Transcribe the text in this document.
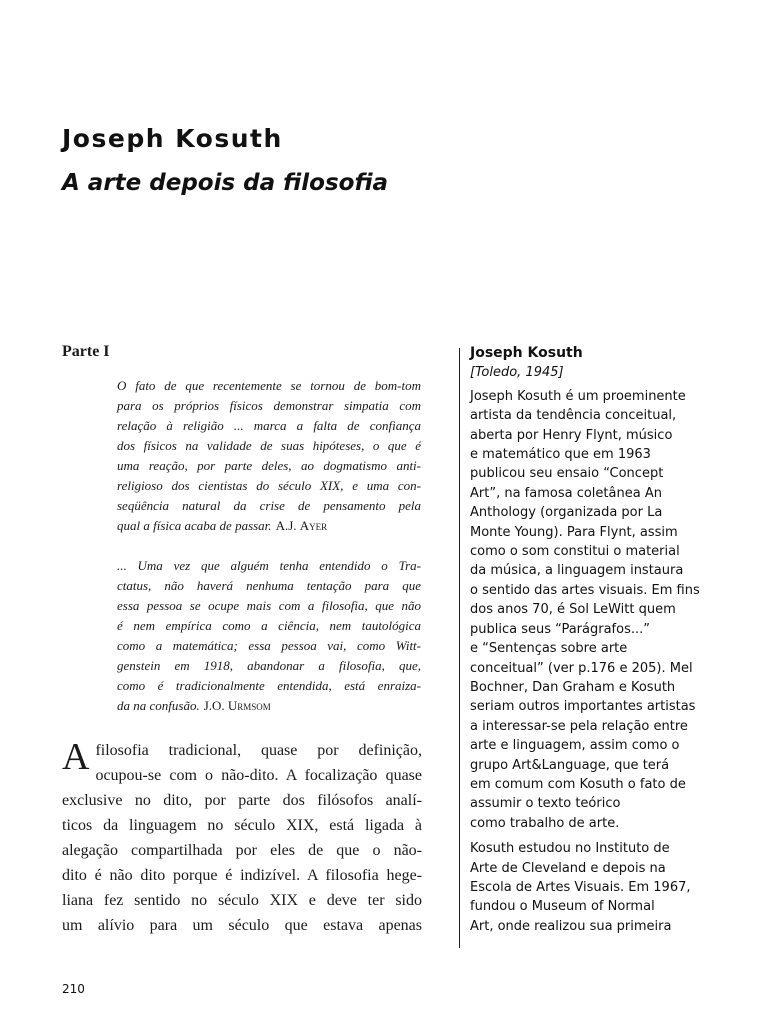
Joseph Kosuth
A arte depois da filosofia
Parte I
O fato de que recentemente se tornou de bom-tom
para os próprios físicos demonstrar simpatia com
relação à religião ... marca a falta de confiança
dos físicos na validade de suas hipóteses, o que é
uma reação, por parte deles, ao dogmatismo anti-
religioso dos cientistas do século XIX, e uma con-
seqüência natural da crise de pensamento pela
qual a física acaba de passar. A.J. Ayer
... Uma vez que alguém tenha entendido o Tra-
ctatus, não haverá nenhuma tentação para que
essa pessoa se ocupe mais com a filosofia, que não
é nem empírica como a ciência, nem tautológica
como a matemática; essa pessoa vai, como Witt-
genstein em 1918, abandonar a filosofia, que,
como é tradicionalmente entendida, está enraiza-
da na confusão. J.O. Urmsom
A filosofia tradicional, quase por definição,
ocupou-se com o não-dito. A focalização quase
exclusive no dito, por parte dos filósofos analí-
ticos da linguagem no século XIX, está ligada à
alegação compartilhada por eles de que o não-
dito é não dito porque é indizível. A filosofia hege-
liana fez sentido no século XIX e deve ter sido
um alívio para um século que estava apenas
Joseph Kosuth
[Toledo, 1945]
Joseph Kosuth é um proeminente
artista da tendência conceitual,
aberta por Henry Flynt, músico
e matemático que em 1963
publicou seu ensaio “Concept
Art”, na famosa coletânea An
Anthology (organizada por La
Monte Young). Para Flynt, assim
como o som constitui o material
da música, a linguagem instaura
o sentido das artes visuais. Em fins
dos anos 70, é Sol LeWitt quem
publica seus “Parágrafos...”
e “Sentenças sobre arte
conceitual” (ver p.176 e 205). Mel
Bochner, Dan Graham e Kosuth
seriam outros importantes artistas
a interessar-se pela relação entre
arte e linguagem, assim como o
grupo Art&Language, que terá
em comum com Kosuth o fato de
assumir o texto teórico
como trabalho de arte.
Kosuth estudou no Instituto de
Arte de Cleveland e depois na
Escola de Artes Visuais. Em 1967,
fundou o Museum of Normal
Art, onde realizou sua primeira

210
